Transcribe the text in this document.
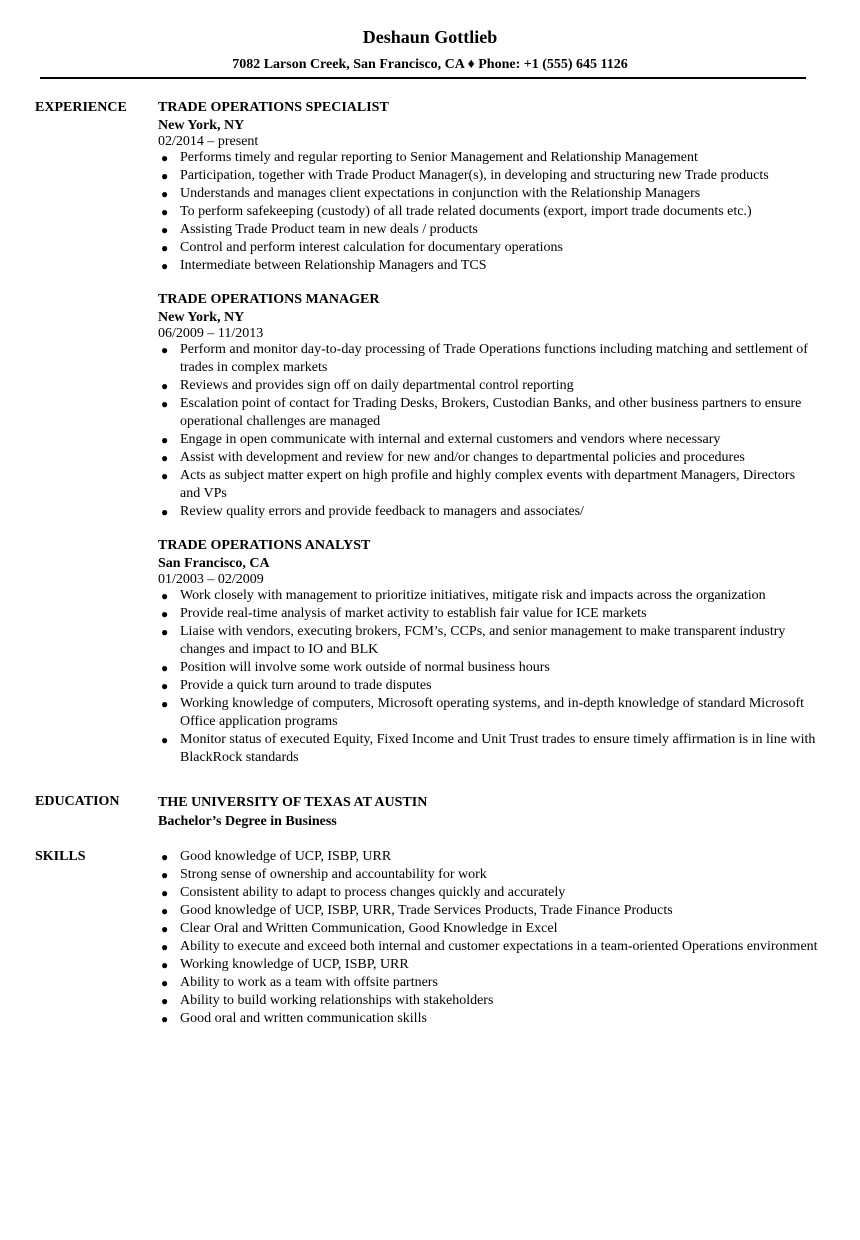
Deshaun Gottlieb
7082 Larson Creek, San Francisco, CA ♦ Phone: +1 (555) 645 1126
EXPERIENCE	TRADE OPERATIONS SPECIALIST
New York, NY
02/2014 – present
● Performs timely and regular reporting to Senior Management and Relationship Management
● Participation, together with Trade Product Manager(s), in developing and structuring new Trade products
● Understands and manages client expectations in conjunction with the Relationship Managers
● To perform safekeeping (custody) of all trade related documents (export, import trade documents etc.)
● Assisting Trade Product team in new deals / products
● Control and perform interest calculation for documentary operations
● Intermediate between Relationship Managers and TCS
TRADE OPERATIONS MANAGER
New York, NY
06/2009 – 11/2013
● Perform and monitor day-to-day processing of Trade Operations functions including matching and settlement of trades in complex markets
● Reviews and provides sign off on daily departmental control reporting
● Escalation point of contact for Trading Desks, Brokers, Custodian Banks, and other business partners to ensure operational challenges are managed
● Engage in open communicate with internal and external customers and vendors where necessary
● Assist with development and review for new and/or changes to departmental policies and procedures
● Acts as subject matter expert on high profile and highly complex events with department Managers, Directors and VPs
● Review quality errors and provide feedback to managers and associates/
TRADE OPERATIONS ANALYST
San Francisco, CA
01/2003 – 02/2009
● Work closely with management to prioritize initiatives, mitigate risk and impacts across the organization
● Provide real-time analysis of market activity to establish fair value for ICE markets
● Liaise with vendors, executing brokers, FCM’s, CCPs, and senior management to make transparent industry changes and impact to IO and BLK
● Position will involve some work outside of normal business hours
● Provide a quick turn around to trade disputes
● Working knowledge of computers, Microsoft operating systems, and in-depth knowledge of standard Microsoft Office application programs
● Monitor status of executed Equity, Fixed Income and Unit Trust trades to ensure timely affirmation is in line with BlackRock standards
EDUCATION	THE UNIVERSITY OF TEXAS AT AUSTIN
Bachelor’s Degree in Business
SKILLS	● Good knowledge of UCP, ISBP, URR
● Strong sense of ownership and accountability for work
● Consistent ability to adapt to process changes quickly and accurately
● Good knowledge of UCP, ISBP, URR, Trade Services Products, Trade Finance Products
● Clear Oral and Written Communication, Good Knowledge in Excel
● Ability to execute and exceed both internal and customer expectations in a team-oriented Operations environment
● Working knowledge of UCP, ISBP, URR
● Ability to work as a team with offsite partners
● Ability to build working relationships with stakeholders
● Good oral and written communication skills
